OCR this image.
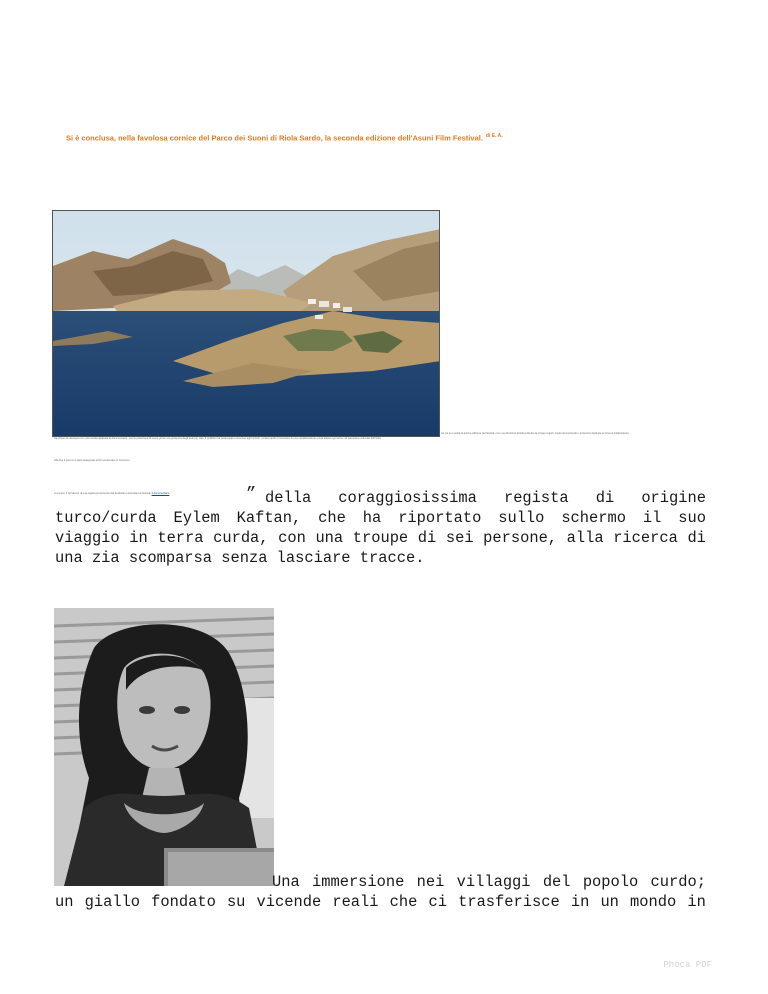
Si è conclusa, nella favolosa cornice del Parco dei Suoni di Riola Sardo, la seconda edizione dell'Asuni Film Festival. $^{di E. A.}$
tra cui si è svolta la quinta edizione del festival, con una direzione artistica diretta da cinque registi, ospiti internazionali e proiezioni dedicate al cinema indipendente
Ha chiuso la rassegna con una serata dedicata al documentario, con la proiezione di opere prime e la presenza degli autori in sala. Il pubblico ha partecipato numeroso agli incontri, confermando il successo di una manifestazione ormai attesa ogni anno nel panorama culturale dell'isola.
Alla fine il premio è stato assegnato al film presentato in concorso.
A vincere, il bel lavoro di una regista proveniente dal Kurdistan presentato al festival, Il documentario	” della coraggiosissima regista di origine
turco/curda Eylem Kaftan, che ha riportato sullo schermo il suo
viaggio in terra curda, con una troupe di sei persone, alla ricerca di
una zia scomparsa senza lasciare tracce.
Una immersione nei villaggi del popolo curdo;
un giallo fondato su vicende reali che ci trasferisce in un mondo in
Phoca PDF
